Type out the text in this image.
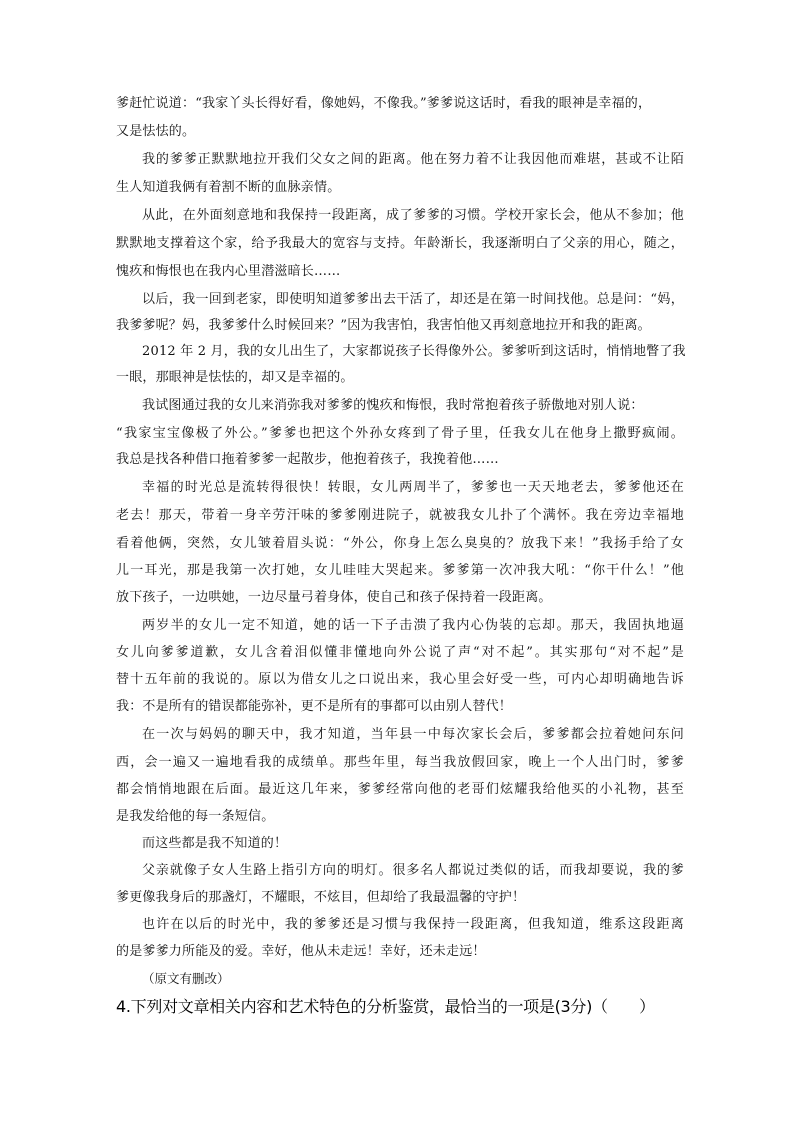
爹赶忙说道：“我家丫头长得好看，像她妈，不像我。”爹爹说这话时，看我的眼神是幸福的，
又是怯怯的。
我的爹爹正默默地拉开我们父女之间的距离。他在努力着不让我因他而难堪，甚或不让陌
生人知道我俩有着割不断的血脉亲情。
从此，在外面刻意地和我保持一段距离，成了爹爹的习惯。学校开家长会，他从不参加；他
默默地支撑着这个家，给予我最大的宽容与支持。年龄渐长，我逐渐明白了父亲的用心，随之，
愧疚和悔恨也在我内心里潜滋暗长……
以后，我一回到老家，即使明知道爹爹出去干活了，却还是在第一时间找他。总是问：“妈，
我爹爹呢？妈，我爹爹什么时候回来？”因为我害怕，我害怕他又再刻意地拉开和我的距离。
2012 年 2 月，我的女儿出生了，大家都说孩子长得像外公。爹爹听到这话时，悄悄地瞥了我
一眼，那眼神是怯怯的，却又是幸福的。
我试图通过我的女儿来消弥我对爹爹的愧疚和悔恨，我时常抱着孩子骄傲地对别人说：
“我家宝宝像极了外公。”爹爹也把这个外孙女疼到了骨子里，任我女儿在他身上撒野疯闹。
我总是找各种借口拖着爹爹一起散步，他抱着孩子，我挽着他……
幸福的时光总是流转得很快！转眼，女儿两周半了，爹爹也一天天地老去，爹爹他还在
老去！那天，带着一身辛劳汗味的爹爹刚进院子，就被我女儿扑了个满怀。我在旁边幸福地
看着他俩，突然，女儿皱着眉头说：“外公，你身上怎么臭臭的？放我下来！”我扬手给了女
儿一耳光，那是我第一次打她，女儿哇哇大哭起来。爹爹第一次冲我大吼：“你干什么！”他
放下孩子，一边哄她，一边尽量弓着身体，使自己和孩子保持着一段距离。
两岁半的女儿一定不知道，她的话一下子击溃了我内心伪装的忘却。那天，我固执地逼
女儿向爹爹道歉，女儿含着泪似懂非懂地向外公说了声“对不起”。其实那句“对不起”是
替十五年前的我说的。原以为借女儿之口说出来，我心里会好受一些，可内心却明确地告诉
我：不是所有的错误都能弥补，更不是所有的事都可以由别人替代！
在一次与妈妈的聊天中，我才知道，当年县一中每次家长会后，爹爹都会拉着她问东问
西，会一遍又一遍地看我的成绩单。那些年里，每当我放假回家，晚上一个人出门时，爹爹
都会悄悄地跟在后面。最近这几年来，爹爹经常向他的老哥们炫耀我给他买的小礼物，甚至
是我发给他的每一条短信。
而这些都是我不知道的！
父亲就像子女人生路上指引方向的明灯。很多名人都说过类似的话，而我却要说，我的爹
爹更像我身后的那盏灯，不耀眼，不炫目，但却给了我最温馨的守护！
也许在以后的时光中，我的爹爹还是习惯与我保持一段距离，但我知道，维系这段距离
的是爹爹力所能及的爱。幸好，他从未走远！幸好，还未走远！
（原文有删改）
4.下列对文章相关内容和艺术特色的分析鉴赏，最恰当的一项是(3分)（　　）
